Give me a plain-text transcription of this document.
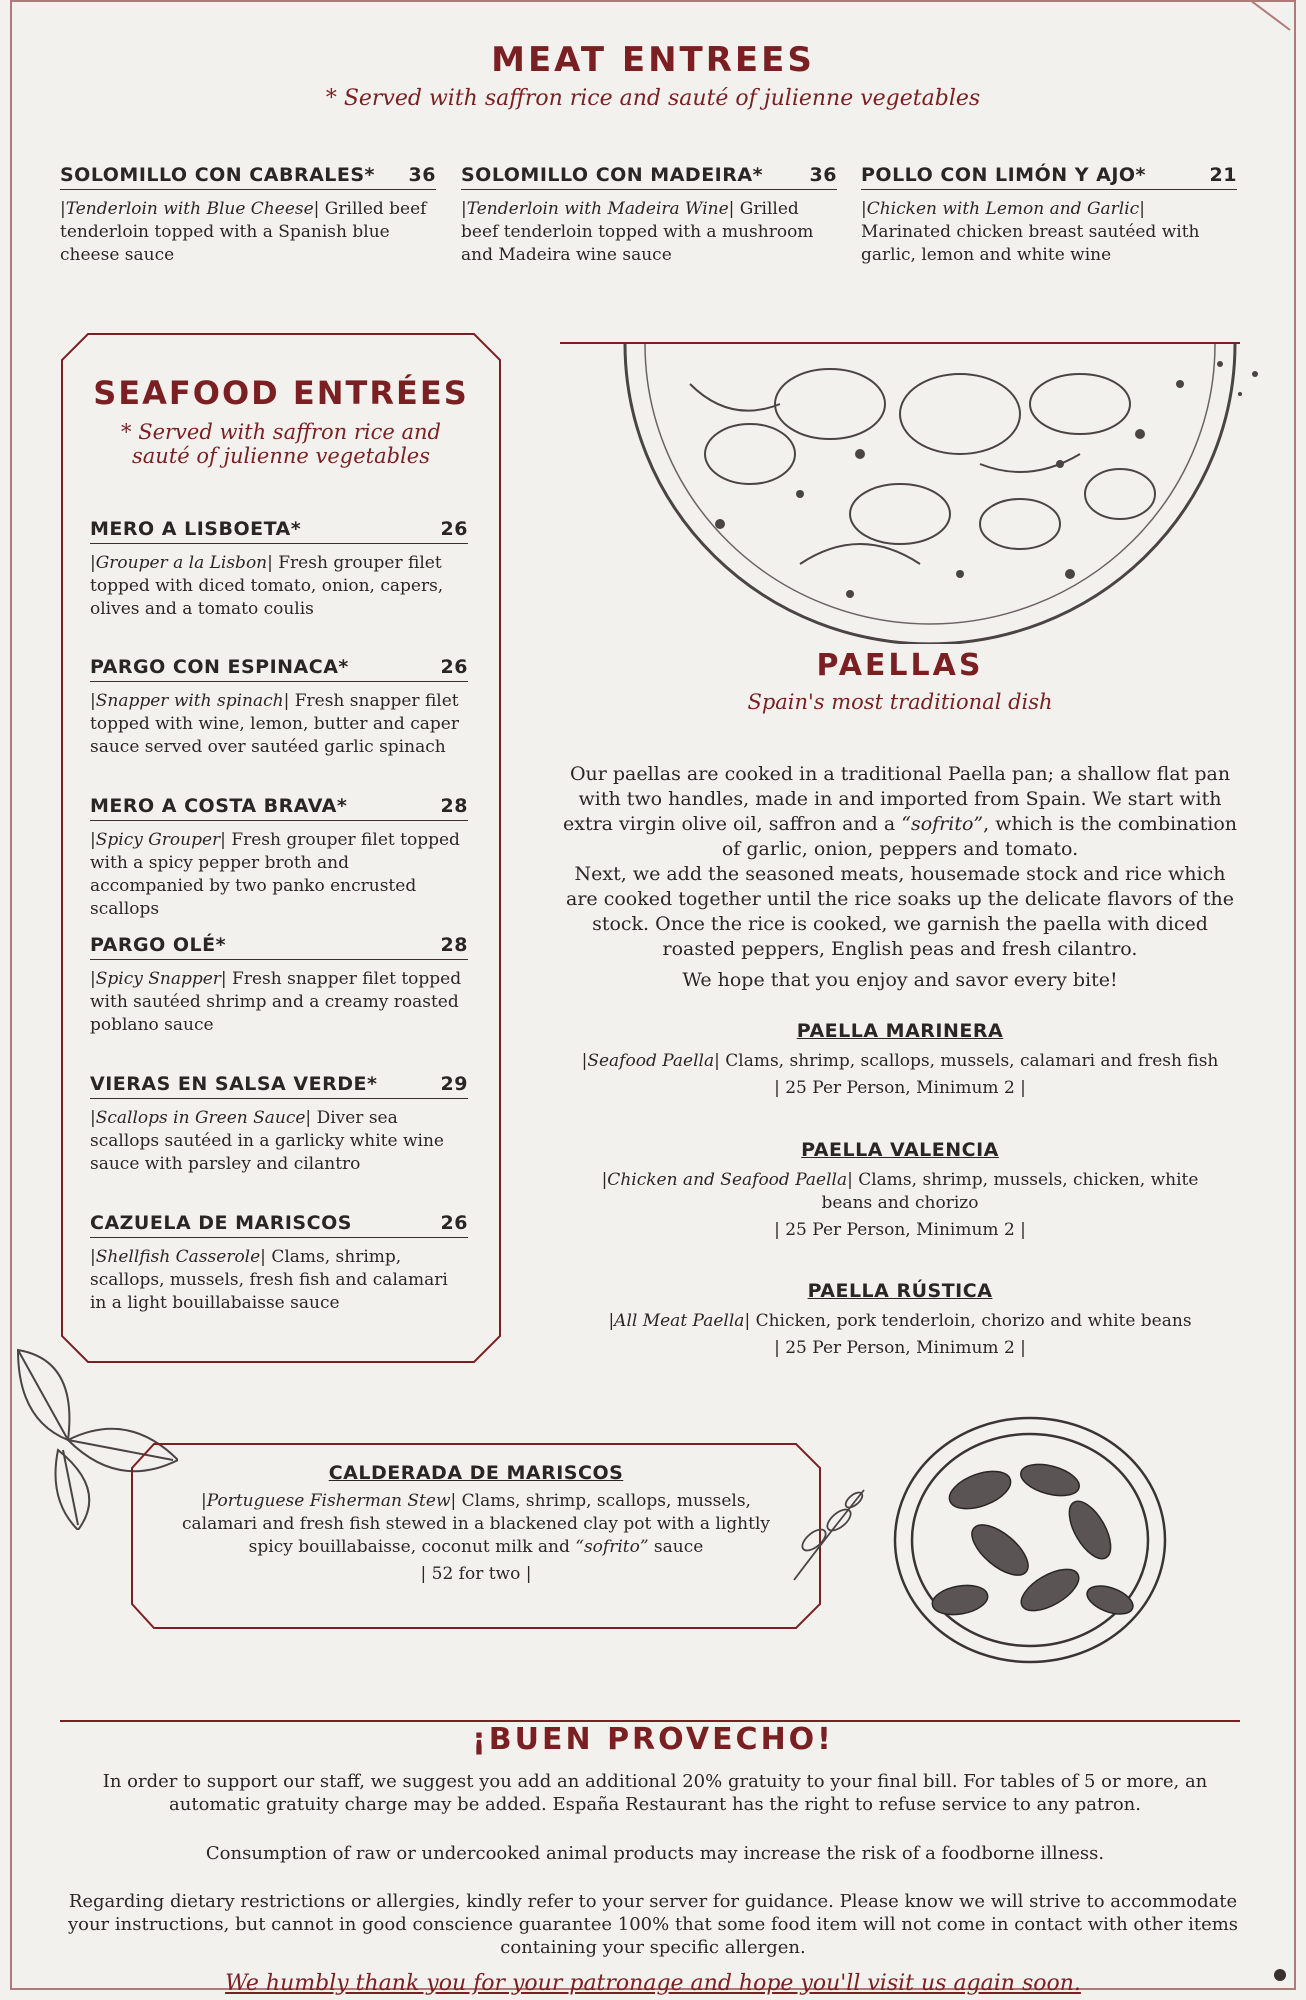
MEAT ENTREES
* Served with saffron rice and sauté of julienne vegetables
SOLOMILLO CON CABRALES* 36
|Tenderloin with Blue Cheese| Grilled beef tenderloin topped with a Spanish blue cheese sauce
SOLOMILLO CON MADEIRA* 36
|Tenderloin with Madeira Wine| Grilled beef tenderloin topped with a mushroom and Madeira wine sauce
POLLO CON LIMÓN Y AJO*	21
|Chicken with Lemon and Garlic| Marinated chicken breast sautéed with garlic, lemon and white wine
SEAFOOD ENTRÉES
* Served with saffron rice and
sauté of julienne vegetables
MERO A LISBOETA*	26
|Grouper a la Lisbon| Fresh grouper filet topped with diced tomato, onion, capers, olives and a tomato coulis
PARGO CON ESPINACA*	26
|Snapper with spinach| Fresh snapper filet topped with wine, lemon, butter and caper sauce served over sautéed garlic spinach
MERO A COSTA BRAVA*	28
|Spicy Grouper| Fresh grouper filet topped with a spicy pepper broth and accompanied by two panko encrusted scallops
PARGO OLÉ*	28
|Spicy Snapper| Fresh snapper filet topped with sautéed shrimp and a creamy roasted poblano sauce
VIERAS EN SALSA VERDE*	29
|Scallops in Green Sauce| Diver sea scallops sautéed in a garlicky white wine sauce with parsley and cilantro
CAZUELA DE MARISCOS	26
|Shellfish Casserole| Clams, shrimp, scallops, mussels, fresh fish and calamari in a light bouillabaisse sauce
PAELLAS
Spain's most traditional dish
Our paellas are cooked in a traditional Paella pan; a shallow flat pan with two handles, made in and imported from Spain. We start with extra virgin olive oil, saffron and a “sofrito”, which is the combination of garlic, onion, peppers and tomato.
Next, we add the seasoned meats, housemade stock and rice which are cooked together until the rice soaks up the delicate flavors of the stock. Once the rice is cooked, we garnish the paella with diced roasted peppers, English peas and fresh cilantro.
We hope that you enjoy and savor every bite!
PAELLA MARINERA
|Seafood Paella| Clams, shrimp, scallops, mussels, calamari and fresh fish
| 25 Per Person, Minimum 2 |
PAELLA VALENCIA
|Chicken and Seafood Paella| Clams, shrimp, mussels, chicken, white beans and chorizo
| 25 Per Person, Minimum 2 |
PAELLA RÚSTICA
|All Meat Paella| Chicken, pork tenderloin, chorizo and white beans
| 25 Per Person, Minimum 2 |
CALDERADA DE MARISCOS
|Portuguese Fisherman Stew| Clams, shrimp, scallops, mussels, calamari and fresh fish stewed in a blackened clay pot with a lightly spicy bouillabaisse, coconut milk and “sofrito” sauce
| 52 for two |
¡BUEN PROVECHO!
In order to support our staff, we suggest you add an additional 20% gratuity to your final bill. For tables of 5 or more, an automatic gratuity charge may be added. España Restaurant has the right to refuse service to any patron.
Consumption of raw or undercooked animal products may increase the risk of a foodborne illness.
Regarding dietary restrictions or allergies, kindly refer to your server for guidance. Please know we will strive to accommodate your instructions, but cannot in good conscience guarantee 100% that some food item will not come in contact with other items containing your specific allergen.
We humbly thank you for your patronage and hope you'll visit us again soon.
